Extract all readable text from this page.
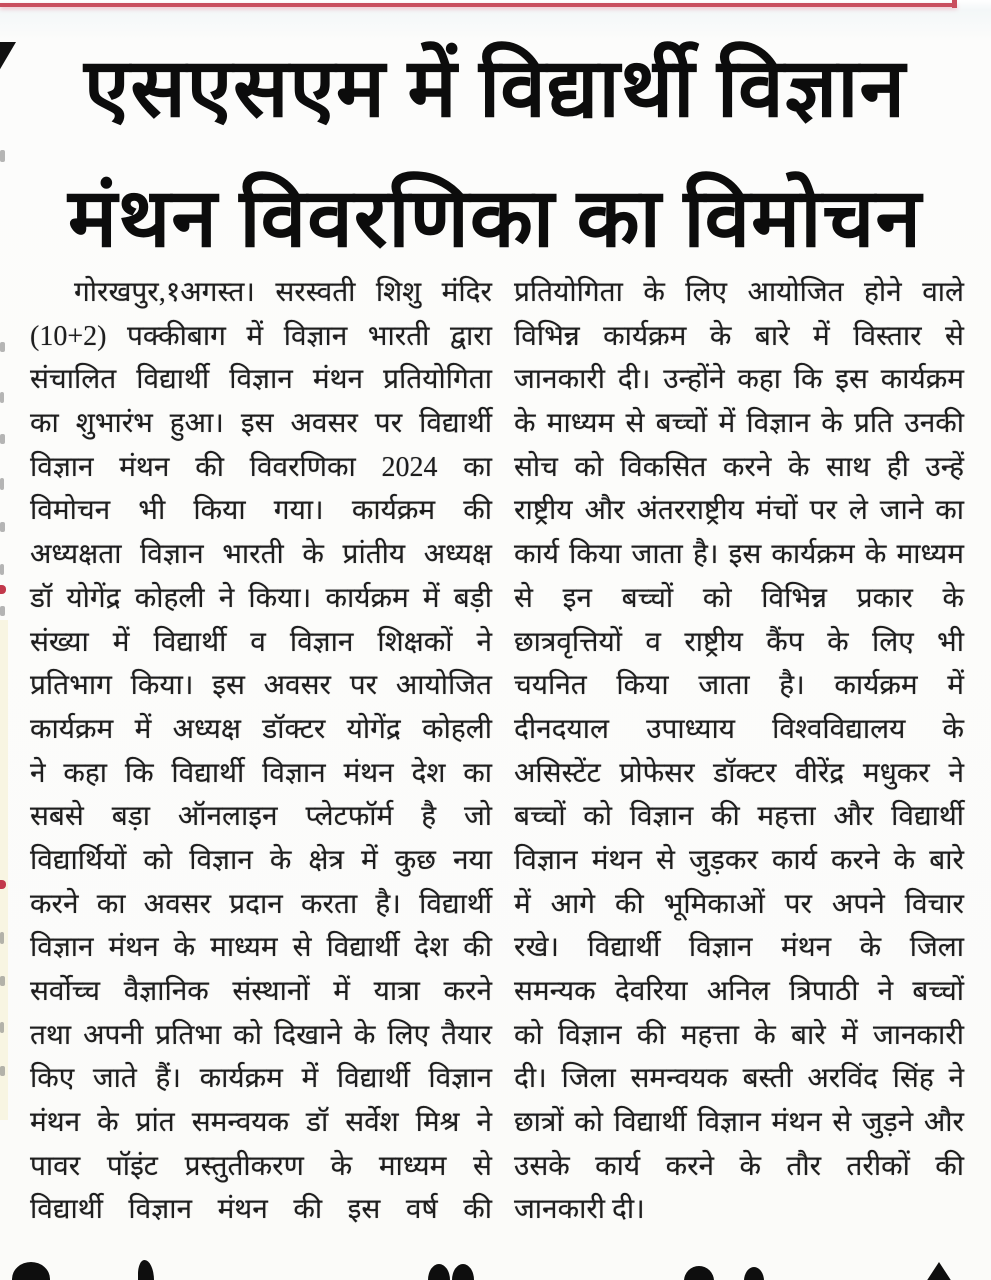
एसएसएम में विद्यार्थी विज्ञान
मंथन विवरणिका का विमोचन
गोरखपुर,१अगस्त। सरस्वती शिशु मंदिर
(10+2) पक्कीबाग में विज्ञान भारती द्वारा
संचालित विद्यार्थी विज्ञान मंथन प्रतियोगिता
का शुभारंभ हुआ। इस अवसर पर विद्यार्थी
विज्ञान मंथन की विवरणिका 2024 का
विमोचन भी किया गया। कार्यक्रम की
अध्यक्षता विज्ञान भारती के प्रांतीय अध्यक्ष
डॉ योगेंद्र कोहली ने किया। कार्यक्रम में बड़ी
संख्या में विद्यार्थी व विज्ञान शिक्षकों ने
प्रतिभाग किया। इस अवसर पर आयोजित
कार्यक्रम में अध्यक्ष डॉक्टर योगेंद्र कोहली
ने कहा कि विद्यार्थी विज्ञान मंथन देश का
सबसे बड़ा ऑनलाइन प्लेटफॉर्म है जो
विद्यार्थियों को विज्ञान के क्षेत्र में कुछ नया
करने का अवसर प्रदान करता है। विद्यार्थी
विज्ञान मंथन के माध्यम से विद्यार्थी देश की
सर्वोच्च वैज्ञानिक संस्थानों में यात्रा करने
तथा अपनी प्रतिभा को दिखाने के लिए तैयार
किए जाते हैं। कार्यक्रम में विद्यार्थी विज्ञान
मंथन के प्रांत समन्वयक डॉ सर्वेश मिश्र ने
पावर पॉइंट प्रस्तुतीकरण के माध्यम से
विद्यार्थी विज्ञान मंथन की इस वर्ष की
प्रतियोगिता के लिए आयोजित होने वाले
विभिन्न कार्यक्रम के बारे में विस्तार से
जानकारी दी। उन्होंने कहा कि इस कार्यक्रम
के माध्यम से बच्चों में विज्ञान के प्रति उनकी
सोच को विकसित करने के साथ ही उन्हें
राष्ट्रीय और अंतरराष्ट्रीय मंचों पर ले जाने का
कार्य किया जाता है। इस कार्यक्रम के माध्यम
से इन बच्चों को विभिन्न प्रकार के
छात्रवृत्तियों व राष्ट्रीय कैंप के लिए भी
चयनित किया जाता है। कार्यक्रम में
दीनदयाल उपाध्याय विश्वविद्यालय के
असिस्टेंट प्रोफेसर डॉक्टर वीरेंद्र मधुकर ने
बच्चों को विज्ञान की महत्ता और विद्यार्थी
विज्ञान मंथन से जुड़कर कार्य करने के बारे
में आगे की भूमिकाओं पर अपने विचार
रखे। विद्यार्थी विज्ञान मंथन के जिला
समन्यक देवरिया अनिल त्रिपाठी ने बच्चों
को विज्ञान की महत्ता के बारे में जानकारी
दी। जिला समन्वयक बस्ती अरविंद सिंह ने
छात्रों को विद्यार्थी विज्ञान मंथन से जुड़ने और
उसके कार्य करने के तौर तरीकों की
जानकारी दी।
